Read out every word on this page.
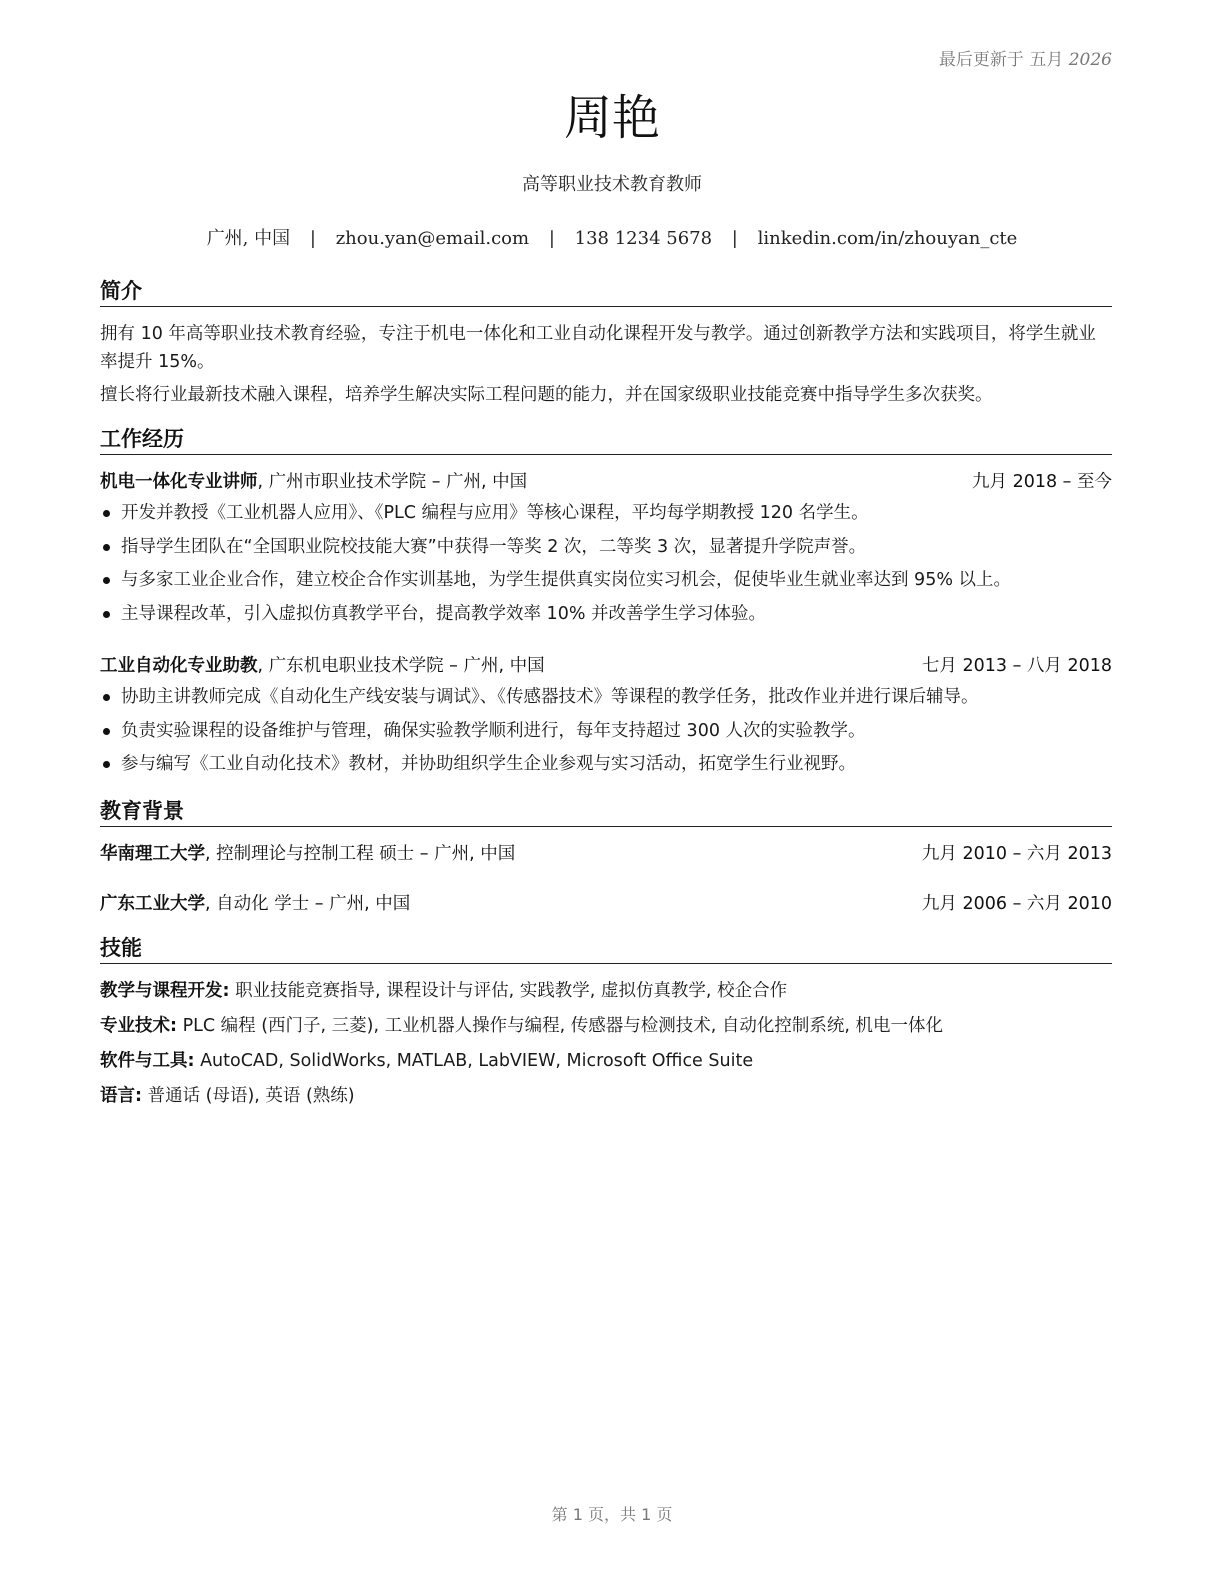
最后更新于 五月 2026
周艳
高等职业技术教育教师
广州, 中国 | zhou.yan@email.com | 138 1234 5678 | linkedin.com/in/zhouyan_cte
简介
拥有 10 年高等职业技术教育经验，专注于机电一体化和工业自动化课程开发与教学。通过创新教学方法和实践项目，将学生就业率提升 15%。
擅长将行业最新技术融入课程，培养学生解决实际工程问题的能力，并在国家级职业技能竞赛中指导学生多次获奖。
工作经历
机电一体化专业讲师, 广州市职业技术学院 – 广州, 中国	九月 2018 – 至今
开发并教授《工业机器人应用》、《PLC 编程与应用》等核心课程，平均每学期教授 120 名学生。
指导学生团队在“全国职业院校技能大赛”中获得一等奖 2 次，二等奖 3 次，显著提升学院声誉。
与多家工业企业合作，建立校企合作实训基地，为学生提供真实岗位实习机会，促使毕业生就业率达到 95% 以上。
主导课程改革，引入虚拟仿真教学平台，提高教学效率 10% 并改善学生学习体验。
工业自动化专业助教, 广东机电职业技术学院 – 广州, 中国	七月 2013 – 八月 2018
协助主讲教师完成《自动化生产线安装与调试》、《传感器技术》等课程的教学任务，批改作业并进行课后辅导。
负责实验课程的设备维护与管理，确保实验教学顺利进行，每年支持超过 300 人次的实验教学。
参与编写《工业自动化技术》教材，并协助组织学生企业参观与实习活动，拓宽学生行业视野。
教育背景
华南理工大学, 控制理论与控制工程 硕士 – 广州, 中国	九月 2010 – 六月 2013
广东工业大学, 自动化 学士 – 广州, 中国	九月 2006 – 六月 2010
技能
教学与课程开发: 职业技能竞赛指导, 课程设计与评估, 实践教学, 虚拟仿真教学, 校企合作
专业技术: PLC 编程 (西门子, 三菱), 工业机器人操作与编程, 传感器与检测技术, 自动化控制系统, 机电一体化
软件与工具: AutoCAD, SolidWorks, MATLAB, LabVIEW, Microsoft Office Suite
语言: 普通话 (母语), 英语 (熟练)
第 1 页，共 1 页
